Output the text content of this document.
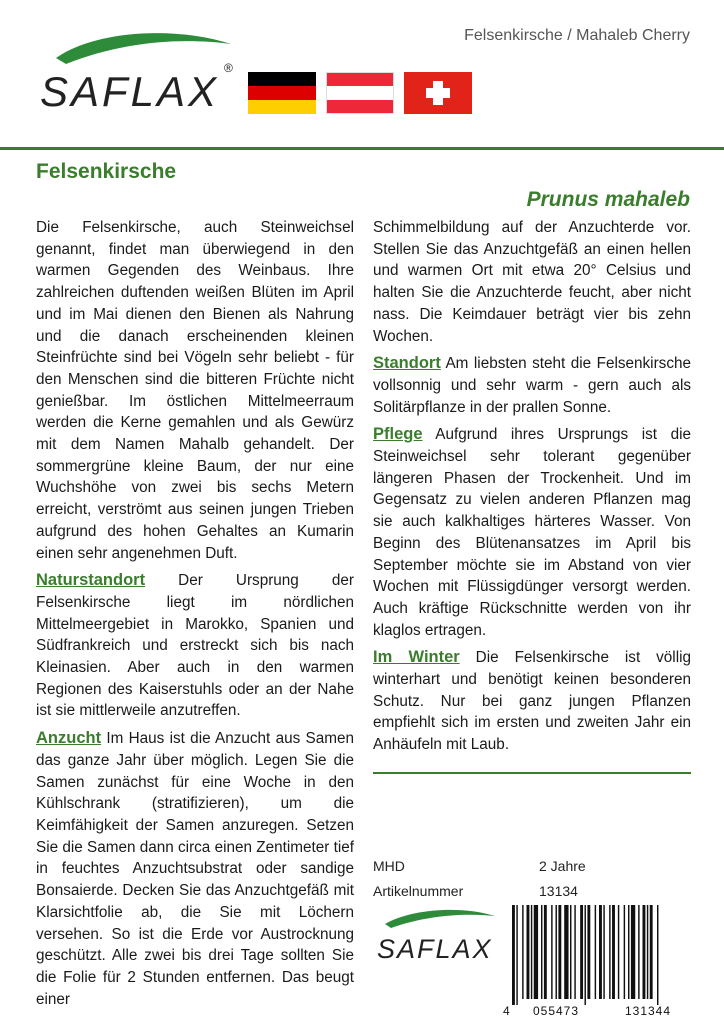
Felsenkirsche / Mahaleb Cherry
SAFLAX ®
Felsenkirsche
Prunus mahaleb

Die Felsenkirsche, auch Steinweichsel genannt, findet man überwiegend in den warmen Gegenden des Weinbaus. Ihre zahlreichen duftenden weißen Blüten im April und im Mai dienen den Bienen als Nahrung und die danach erscheinenden kleinen Steinfrüchte sind bei Vögeln sehr beliebt - für den Menschen sind die bitteren Früchte nicht genießbar. Im östlichen Mittelmeerraum werden die Kerne gemahlen und als Gewürz mit dem Namen Mahalb gehandelt. Der sommergrüne kleine Baum, der nur eine Wuchshöhe von zwei bis sechs Metern erreicht, verströmt aus seinen jungen Trieben aufgrund des hohen Gehaltes an Kumarin einen sehr angenehmen Duft.

Naturstandort Der Ursprung der Felsenkirsche liegt im nördlichen Mittelmeergebiet in Marokko, Spanien und Südfrankreich und erstreckt sich bis nach Kleinasien. Aber auch in den warmen Regionen des Kaiserstuhls oder an der Nahe ist sie mittlerweile anzutreffen.

Anzucht Im Haus ist die Anzucht aus Samen das ganze Jahr über möglich. Legen Sie die Samen zunächst für eine Woche in den Kühlschrank (stratifizieren), um die Keimfähigkeit der Samen anzuregen. Setzen Sie die Samen dann circa einen Zentimeter tief in feuchtes Anzuchtsubstrat oder sandige Bonsaierde. Decken Sie das Anzuchtgefäß mit Klarsichtfolie ab, die Sie mit Löchern versehen. So ist die Erde vor Austrocknung geschützt. Alle zwei bis drei Tage sollten Sie die Folie für 2 Stunden entfernen. Das beugt einer

Schimmelbildung auf der Anzuchterde vor. Stellen Sie das Anzuchtgefäß an einen hellen und warmen Ort mit etwa 20° Celsius und halten Sie die Anzuchterde feucht, aber nicht nass. Die Keimdauer beträgt vier bis zehn Wochen.

Standort Am liebsten steht die Felsenkirsche vollsonnig und sehr warm - gern auch als Solitärpflanze in der prallen Sonne.

Pflege Aufgrund ihres Ursprungs ist die Steinweichsel sehr tolerant gegenüber längeren Phasen der Trockenheit. Und im Gegensatz zu vielen anderen Pflanzen mag sie auch kalkhaltiges härteres Wasser. Von Beginn des Blütenansatzes im April bis September möchte sie im Abstand von vier Wochen mit Flüssigdünger versorgt werden. Auch kräftige Rückschnitte werden von ihr klaglos ertragen.

Im Winter Die Felsenkirsche ist völlig winterhart und benötigt keinen besonderen Schutz. Nur bei ganz jungen Pflanzen empfiehlt sich im ersten und zweiten Jahr ein Anhäufeln mit Laub.

MHD	2 Jahre
Artikelnummer	13134
SAFLAX
4 055473	131344
